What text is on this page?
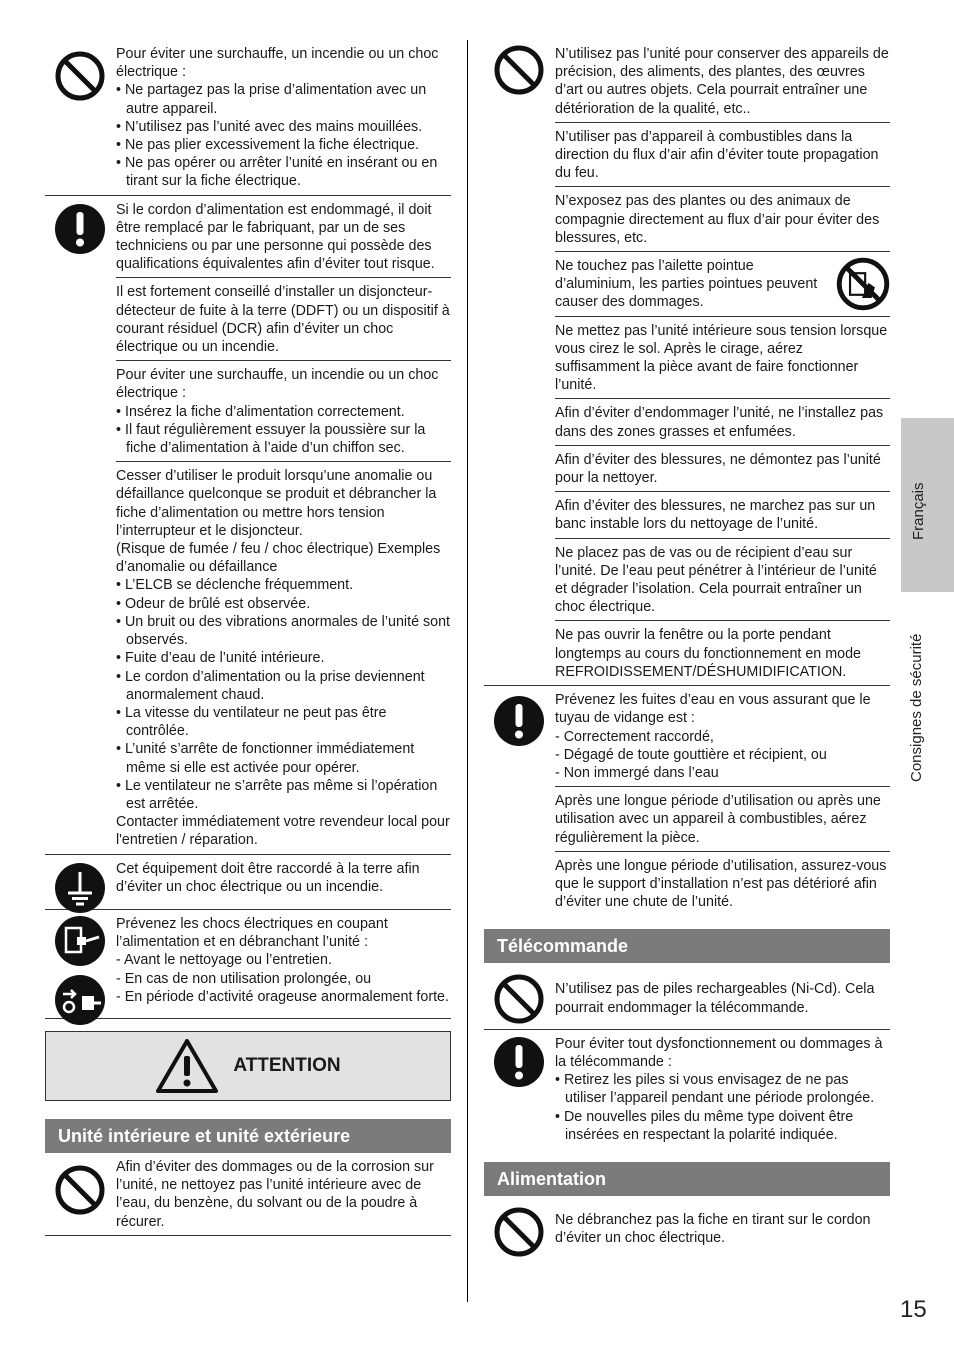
Français
Consignes de sécurité
15

Pour éviter une surchauffe, un incendie ou un choc électrique :

• Ne partagez pas la prise d’alimentation avec un autre appareil.
• N’utilisez pas l’unité avec des mains mouillées.
• Ne pas plier excessivement la fiche électrique.
• Ne pas opérer ou arrêter l’unité en insérant ou en tirant sur la fiche électrique.

Si le cordon d’alimentation est endommagé, il doit être remplacé par le fabriquant, par un de ses techniciens ou par une personne qui possède des qualifications équivalentes afin d’éviter tout risque.

Il est fortement conseillé d’installer un disjoncteur-détecteur de fuite à la terre (DDFT) ou un dispositif à courant résiduel (DCR) afin d’éviter un choc électrique ou un incendie.

Pour éviter une surchauffe, un incendie ou un choc électrique :

• Insérez la fiche d’alimentation correctement.
• Il faut régulièrement essuyer la poussière sur la fiche d’alimentation à l’aide d’un chiffon sec.

Cesser d’utiliser le produit lorsqu’une anomalie ou défaillance quelconque se produit et débrancher la fiche d’alimentation ou mettre hors tension l’interrupteur et le disjoncteur.

(Risque de fumée / feu / choc électrique) Exemples d’anomalie ou défaillance

• L’ELCB se déclenche fréquemment.
• Odeur de brûlé est observée.
• Un bruit ou des vibrations anormales de l’unité sont observés.
• Fuite d’eau de l’unité intérieure.
• Le cordon d’alimentation ou la prise deviennent anormalement chaud.
• La vitesse du ventilateur ne peut pas être contrôlée.
• L’unité s’arrête de fonctionner immédiatement même si elle est activée pour opérer.
• Le ventilateur ne s’arrête pas même si l’opération est arrêtée.

Contacter immédiatement votre revendeur local pour l'entretien / réparation.

Cet équipement doit être raccordé à la terre afin d’éviter un choc électrique ou un incendie.

Prévenez les chocs électriques en coupant l’alimentation et en débranchant l’unité :

- Avant le nettoyage ou l’entretien.
- En cas de non utilisation prolongée, ou
- En période d’activité orageuse anormalement forte.
ATTENTION
Unité intérieure et unité extérieure

Afin d’éviter des dommages ou de la corrosion sur l’unité, ne nettoyez pas l’unité intérieure avec de l’eau, du benzène, du solvant ou de la poudre à récurer.

N’utilisez pas l’unité pour conserver des appareils de précision, des aliments, des plantes, des œuvres d’art ou autres objets. Cela pourrait entraîner une détérioration de la qualité, etc..

N’utiliser pas d’appareil à combustibles dans la direction du flux d’air afin d’éviter toute propagation du feu.

N’exposez pas des plantes ou des animaux de compagnie directement au flux d’air pour éviter des blessures, etc.

Ne touchez pas l’ailette pointue d’aluminium, les parties pointues peuvent causer des dommages.

Ne mettez pas l’unité intérieure sous tension lorsque vous cirez le sol. Après le cirage, aérez suffisamment la pièce avant de faire fonctionner l’unité.

Afin d’éviter d’endommager l’unité, ne l’installez pas dans des zones grasses et enfumées.

Afin d’éviter des blessures, ne démontez pas l’unité pour la nettoyer.

Afin d’éviter des blessures, ne marchez pas sur un banc instable lors du nettoyage de l’unité.

Ne placez pas de vas ou de récipient d’eau sur l’unité. De l’eau peut pénétrer à l’intérieur de l’unité et dégrader l’isolation. Cela pourrait entraîner un choc électrique.

Ne pas ouvrir la fenêtre ou la porte pendant longtemps au cours du fonctionnement en mode REFROIDISSEMENT/DÉSHUMIDIFICATION.

Prévenez les fuites d’eau en vous assurant que le tuyau de vidange est :

- Correctement raccordé,
- Dégagé de toute gouttière et récipient, ou
- Non immergé dans l’eau

Après une longue période d’utilisation ou après une utilisation avec un appareil à combustibles, aérez régulièrement la pièce.

Après une longue période d’utilisation, assurez-vous que le support d’installation n’est pas détérioré afin d’éviter une chute de l’unité.

Télécommande

N’utilisez pas de piles rechargeables (Ni-Cd). Cela pourrait endommager la télécommande.

Pour éviter tout dysfonctionnement ou dommages à la télécommande :

• Retirez les piles si vous envisagez de ne pas utiliser l’appareil pendant une période prolongée.
• De nouvelles piles du même type doivent être insérées en respectant la polarité indiquée.
Alimentation

Ne débranchez pas la fiche en tirant sur le cordon d’éviter un choc électrique.
